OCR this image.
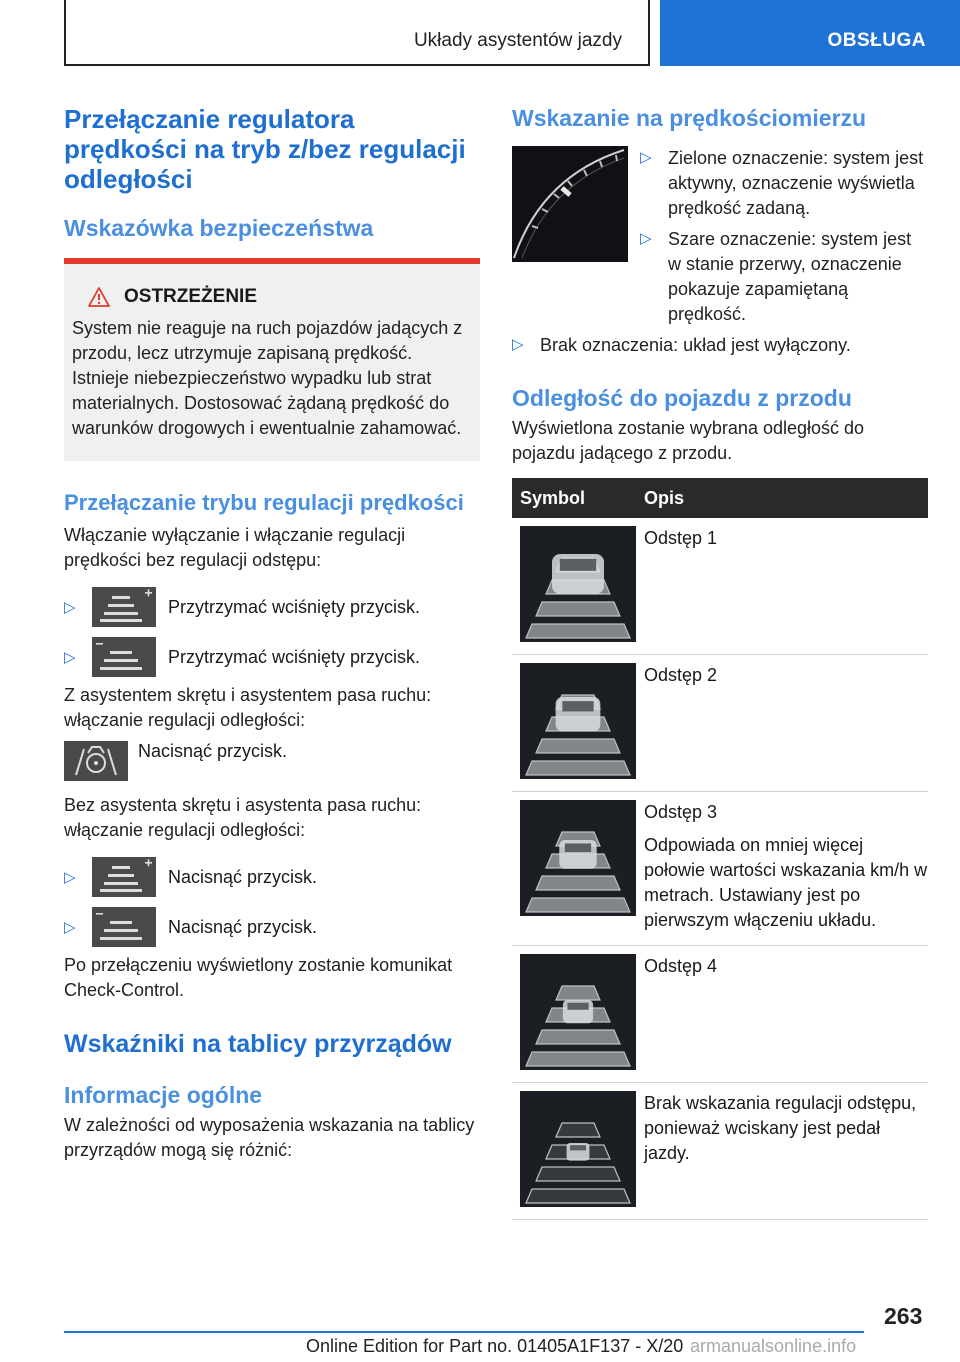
Układy asystentów jazdy	OBSŁUGA
Przełączanie regulatora prędkości na tryb z/bez regulacji odległości
Wskazówka bezpieczeństwa
OSTRZEŻENIE

System nie reaguje na ruch pojazdów jadących z przodu, lecz utrzymuje zapisaną prędkość. Istnieje niebezpieczeństwo wypadku lub strat materialnych. Dostosować żądaną prędkość do warunków drogowych i ewentualnie zahamować.

Przełączanie trybu regulacji prędkości

Włączanie wyłączanie i włączanie regulacji prędkości bez regulacji odstępu:

▷	Przytrzymać wciśnięty przycisk.
▷	Przytrzymać wciśnięty przycisk.

Z asystentem skrętu i asystentem pasa ruchu: włączanie regulacji odległości:

Nacisnąć przycisk.

Bez asystenta skrętu i asystenta pasa ruchu: włączanie regulacji odległości:

▷	Nacisnąć przycisk.
▷	Nacisnąć przycisk.

Po przełączeniu wyświetlony zostanie komunikat Check-Control.

Wskaźniki na tablicy przyrządów
Informacje ogólne

W zależności od wyposażenia wskazania na tablicy przyrządów mogą się różnić:

Wskazanie na prędkościomierzu
▷ Zielone oznaczenie: system jest aktywny, oznaczenie wyświetla prędkość zadaną.

▷ Szare oznaczenie: system jest w stanie przerwy, oznaczenie pokazuje zapamiętaną prędkość.

▷ Brak oznaczenia: układ jest wyłączony.

Odległość do pojazdu z przodu

Wyświetlona zostanie wybrana odległość do pojazdu jadącego z przodu.

Symbol	Opis

Odstęp 1

Odstęp 2

Odstęp 3

Odpowiada on mniej więcej połowie wartości wskazania km/h w metrach. Ustawiany jest po pierwszym włączeniu układu.

Odstęp 4

Brak wskazania regulacji odstępu, ponieważ wciskany jest pedał jazdy.

263
Online Edition for Part no. 01405A1F137 - X/20 armanualsonline.info
